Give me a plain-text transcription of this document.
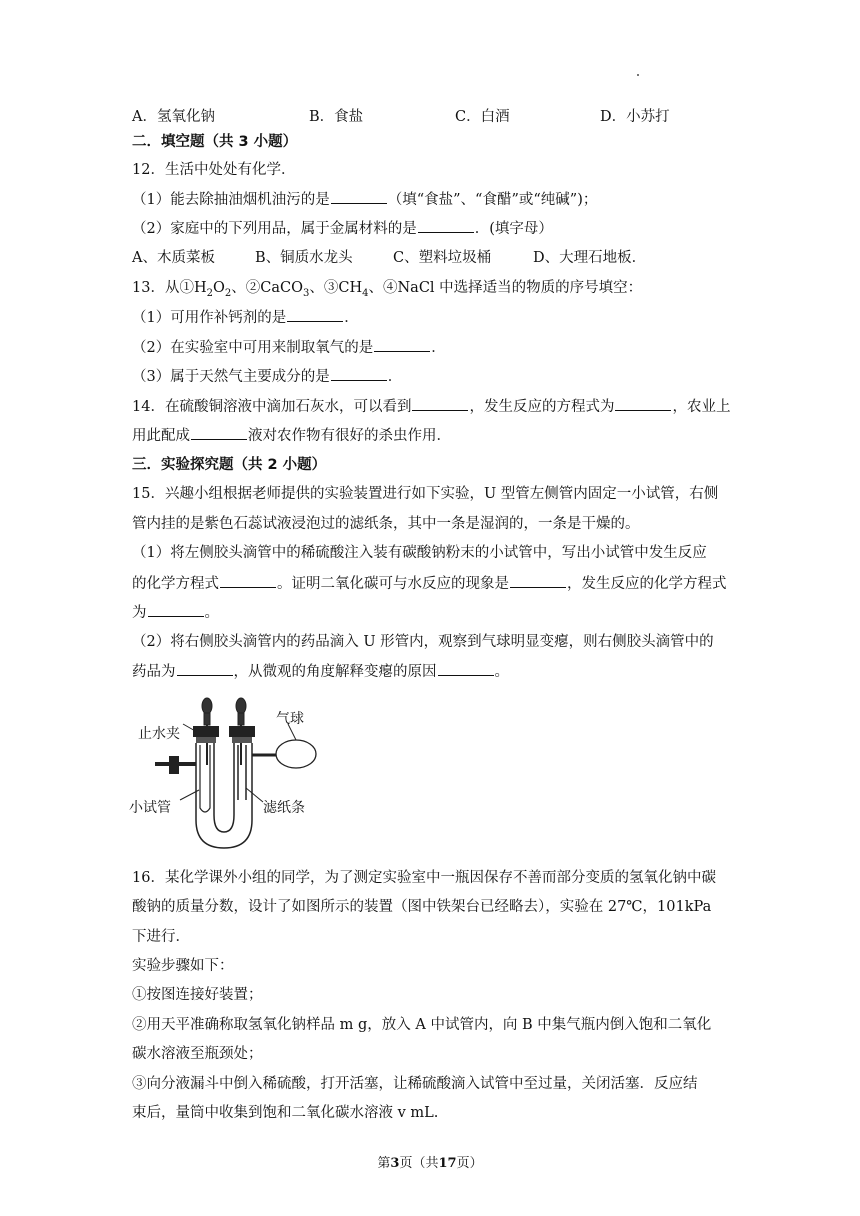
A．氢氧化钠	B．食盐	C．白酒	D．小苏打
二．填空题（共 3 小题）
12．生活中处处有化学．
（1）能去除抽油烟机油污的是	（填“食盐”、“食醋”或“纯碱”)；
（2）家庭中的下列用品，属于金属材料的是	．(填字母）
A、木质菜板	B、铜质水龙头	C、塑料垃圾桶	D、大理石地板．
13．从$①H_2O_2$、②CaCO$_3$、$③CH_4$、④NaCl 中选择适当的物质的序号填空：
（1）可用作补钙剂的是	．
（2）在实验室中可用来制取氧气的是	．
（3）属于天然气主要成分的是	．
14．在硫酸铜溶液中滴加石灰水，可以看到	，发生反应的方程式为	，农业上
用此配成	液对农作物有很好的杀虫作用．
三．实验探究题（共 2 小题）
15．兴趣小组根据老师提供的实验装置进行如下实验，U 型管左侧管内固定一小试管，右侧
管内挂的是紫色石蕊试液浸泡过的滤纸条，其中一条是湿润的，一条是干燥的。
（1）将左侧胶头滴管中的稀硫酸注入装有碳酸钠粉末的小试管中，写出小试管中发生反应
的化学方程式	。证明二氧化碳可与水反应的现象是	，发生反应的化学方程式
为	。
（2）将右侧胶头滴管内的药品滴入 U 形管内，观察到气球明显变瘪，则右侧胶头滴管中的
药品为	，从微观的角度解释变瘪的原因	。
止水夹
气球
小试管	滤纸条
16．某化学课外小组的同学，为了测定实验室中一瓶因保存不善而部分变质的氢氧化钠中碳
酸钠的质量分数，设计了如图所示的装置（图中铁架台已经略去），实验在 27℃，101kPa
下进行．
实验步骤如下：
①按图连接好装置；
②用天平准确称取氢氧化钠样品 m g，放入 A 中试管内，向 B 中集气瓶内倒入饱和二氧化
碳水溶液至瓶颈处；
③向分液漏斗中倒入稀硫酸，打开活塞，让稀硫酸滴入试管中至过量，关闭活塞．反应结
束后，量筒中收集到饱和二氧化碳水溶液 v mL.
第3页（共17页）
